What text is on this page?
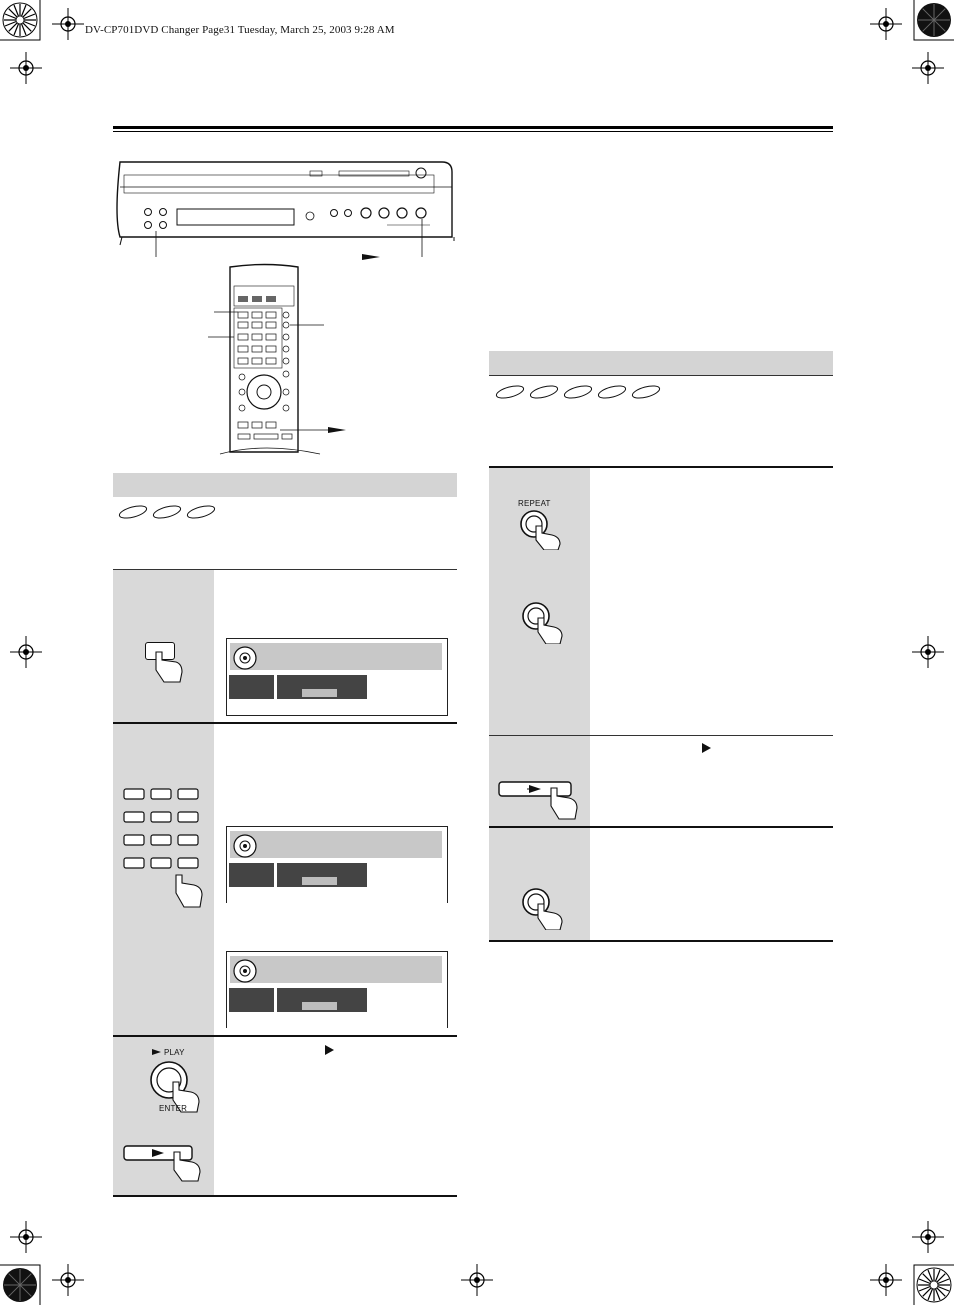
DV-CP701DVD Changer Page31 Tuesday, March 25, 2003 9:28 AM
PLAY
ENTER
REPEAT
